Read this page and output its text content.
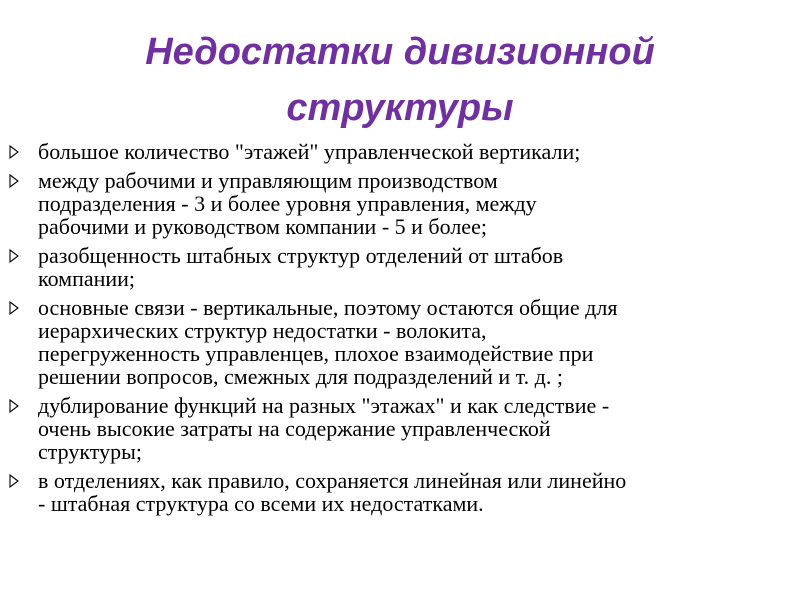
Недостатки дивизионной
структуры
большое количество "этажей" управленческой вертикали;
между рабочими и управляющим производством
подразделения - 3 и более уровня управления, между
рабочими и руководством компании - 5 и более;
разобщенность штабных структур отделений от штабов
компании;
основные связи - вертикальные, поэтому остаются общие для
иерархических структур недостатки - волокита,
перегруженность управленцев, плохое взаимодействие при
решении вопросов, смежных для подразделений и т. д. ;
дублирование функций на разных "этажах" и как следствие -
очень высокие затраты на содержание управленческой
структуры;
в отделениях, как правило, сохраняется линейная или линейно
- штабная структура со всеми их недостатками.
